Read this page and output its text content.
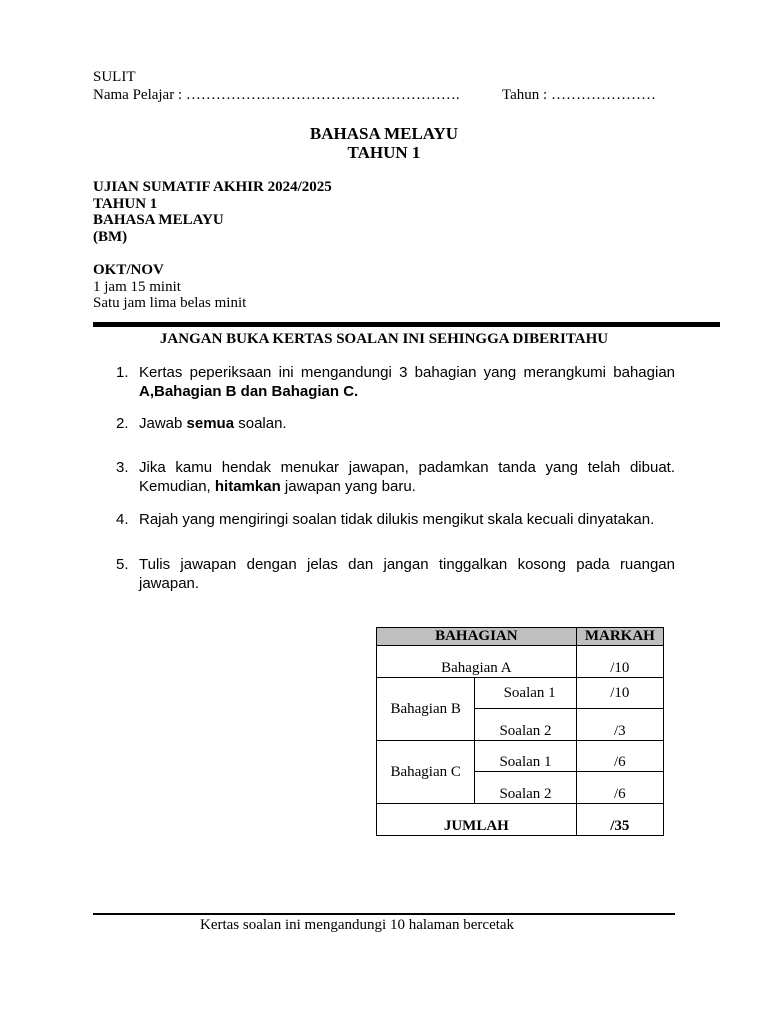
SULIT
Nama Pelajar : ……………………………………………….	Tahun : …………………
BAHASA MELAYU
TAHUN 1
UJIAN SUMATIF AKHIR 2024/2025
TAHUN 1
BAHASA MELAYU
(BM)
OKT/NOV
1 jam 15 minit
Satu jam lima belas minit
JANGAN BUKA KERTAS SOALAN INI SEHINGGA DIBERITAHU
1. Kertas peperiksaan ini mengandungi 3 bahagian yang merangkumi bahagian A,Bahagian B dan Bahagian C.
2. Jawab semua soalan.
3. Jika kamu hendak menukar jawapan, padamkan tanda yang telah dibuat. Kemudian, hitamkan jawapan yang baru.
4. Rajah yang mengiringi soalan tidak dilukis mengikut skala kecuali dinyatakan.
5. Tulis jawapan dengan jelas dan jangan tinggalkan kosong pada ruangan jawapan.
BAHAGIAN		MARKAH
Bahagian A		/10
Bahagian B	Soalan 1	/10
	Soalan 2	/3
Bahagian C	Soalan 1	/6
	Soalan 2	/6
JUMLAH		/35
Kertas soalan ini mengandungi 10 halaman bercetak
